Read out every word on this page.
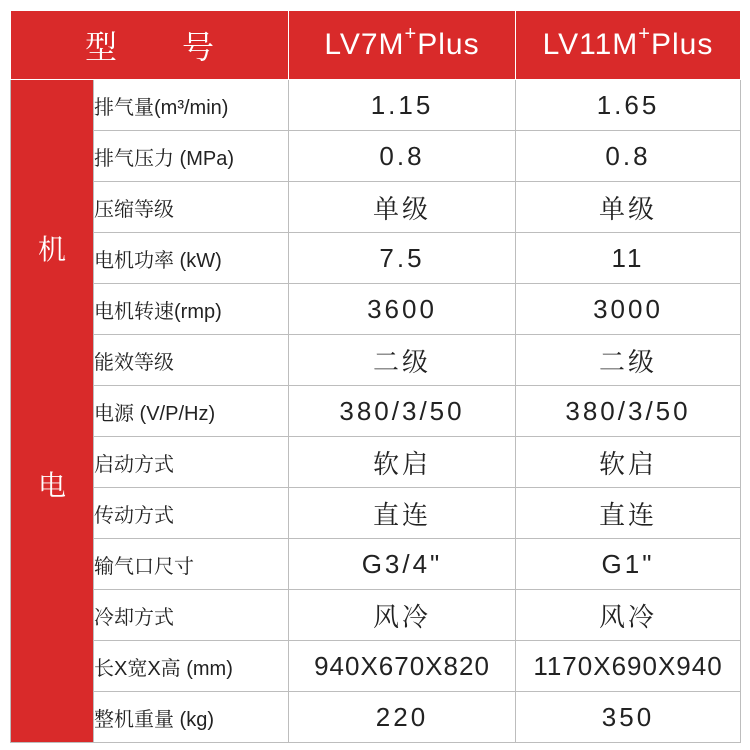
型 号		LV7M+Plus	LV11M+Plus

机
电	排气量(m³/min)	1.15	1.65
	排气压力 (MPa)	0.8	0.8
	压缩等级	单级	单级
	电机功率 (kW)	7.5	11
	电机转速(rmp)	3600	3000
	能效等级	二级	二级
	电源 (V/P/Hz)	380/3/50	380/3/50
	启动方式	软启	软启
	传动方式	直连	直连
	输气口尺寸	G3/4"	G1"
	冷却方式	风冷	风冷
	长X宽X高 (mm)	940X670X820	1170X690X940
	整机重量 (kg)	220	350
